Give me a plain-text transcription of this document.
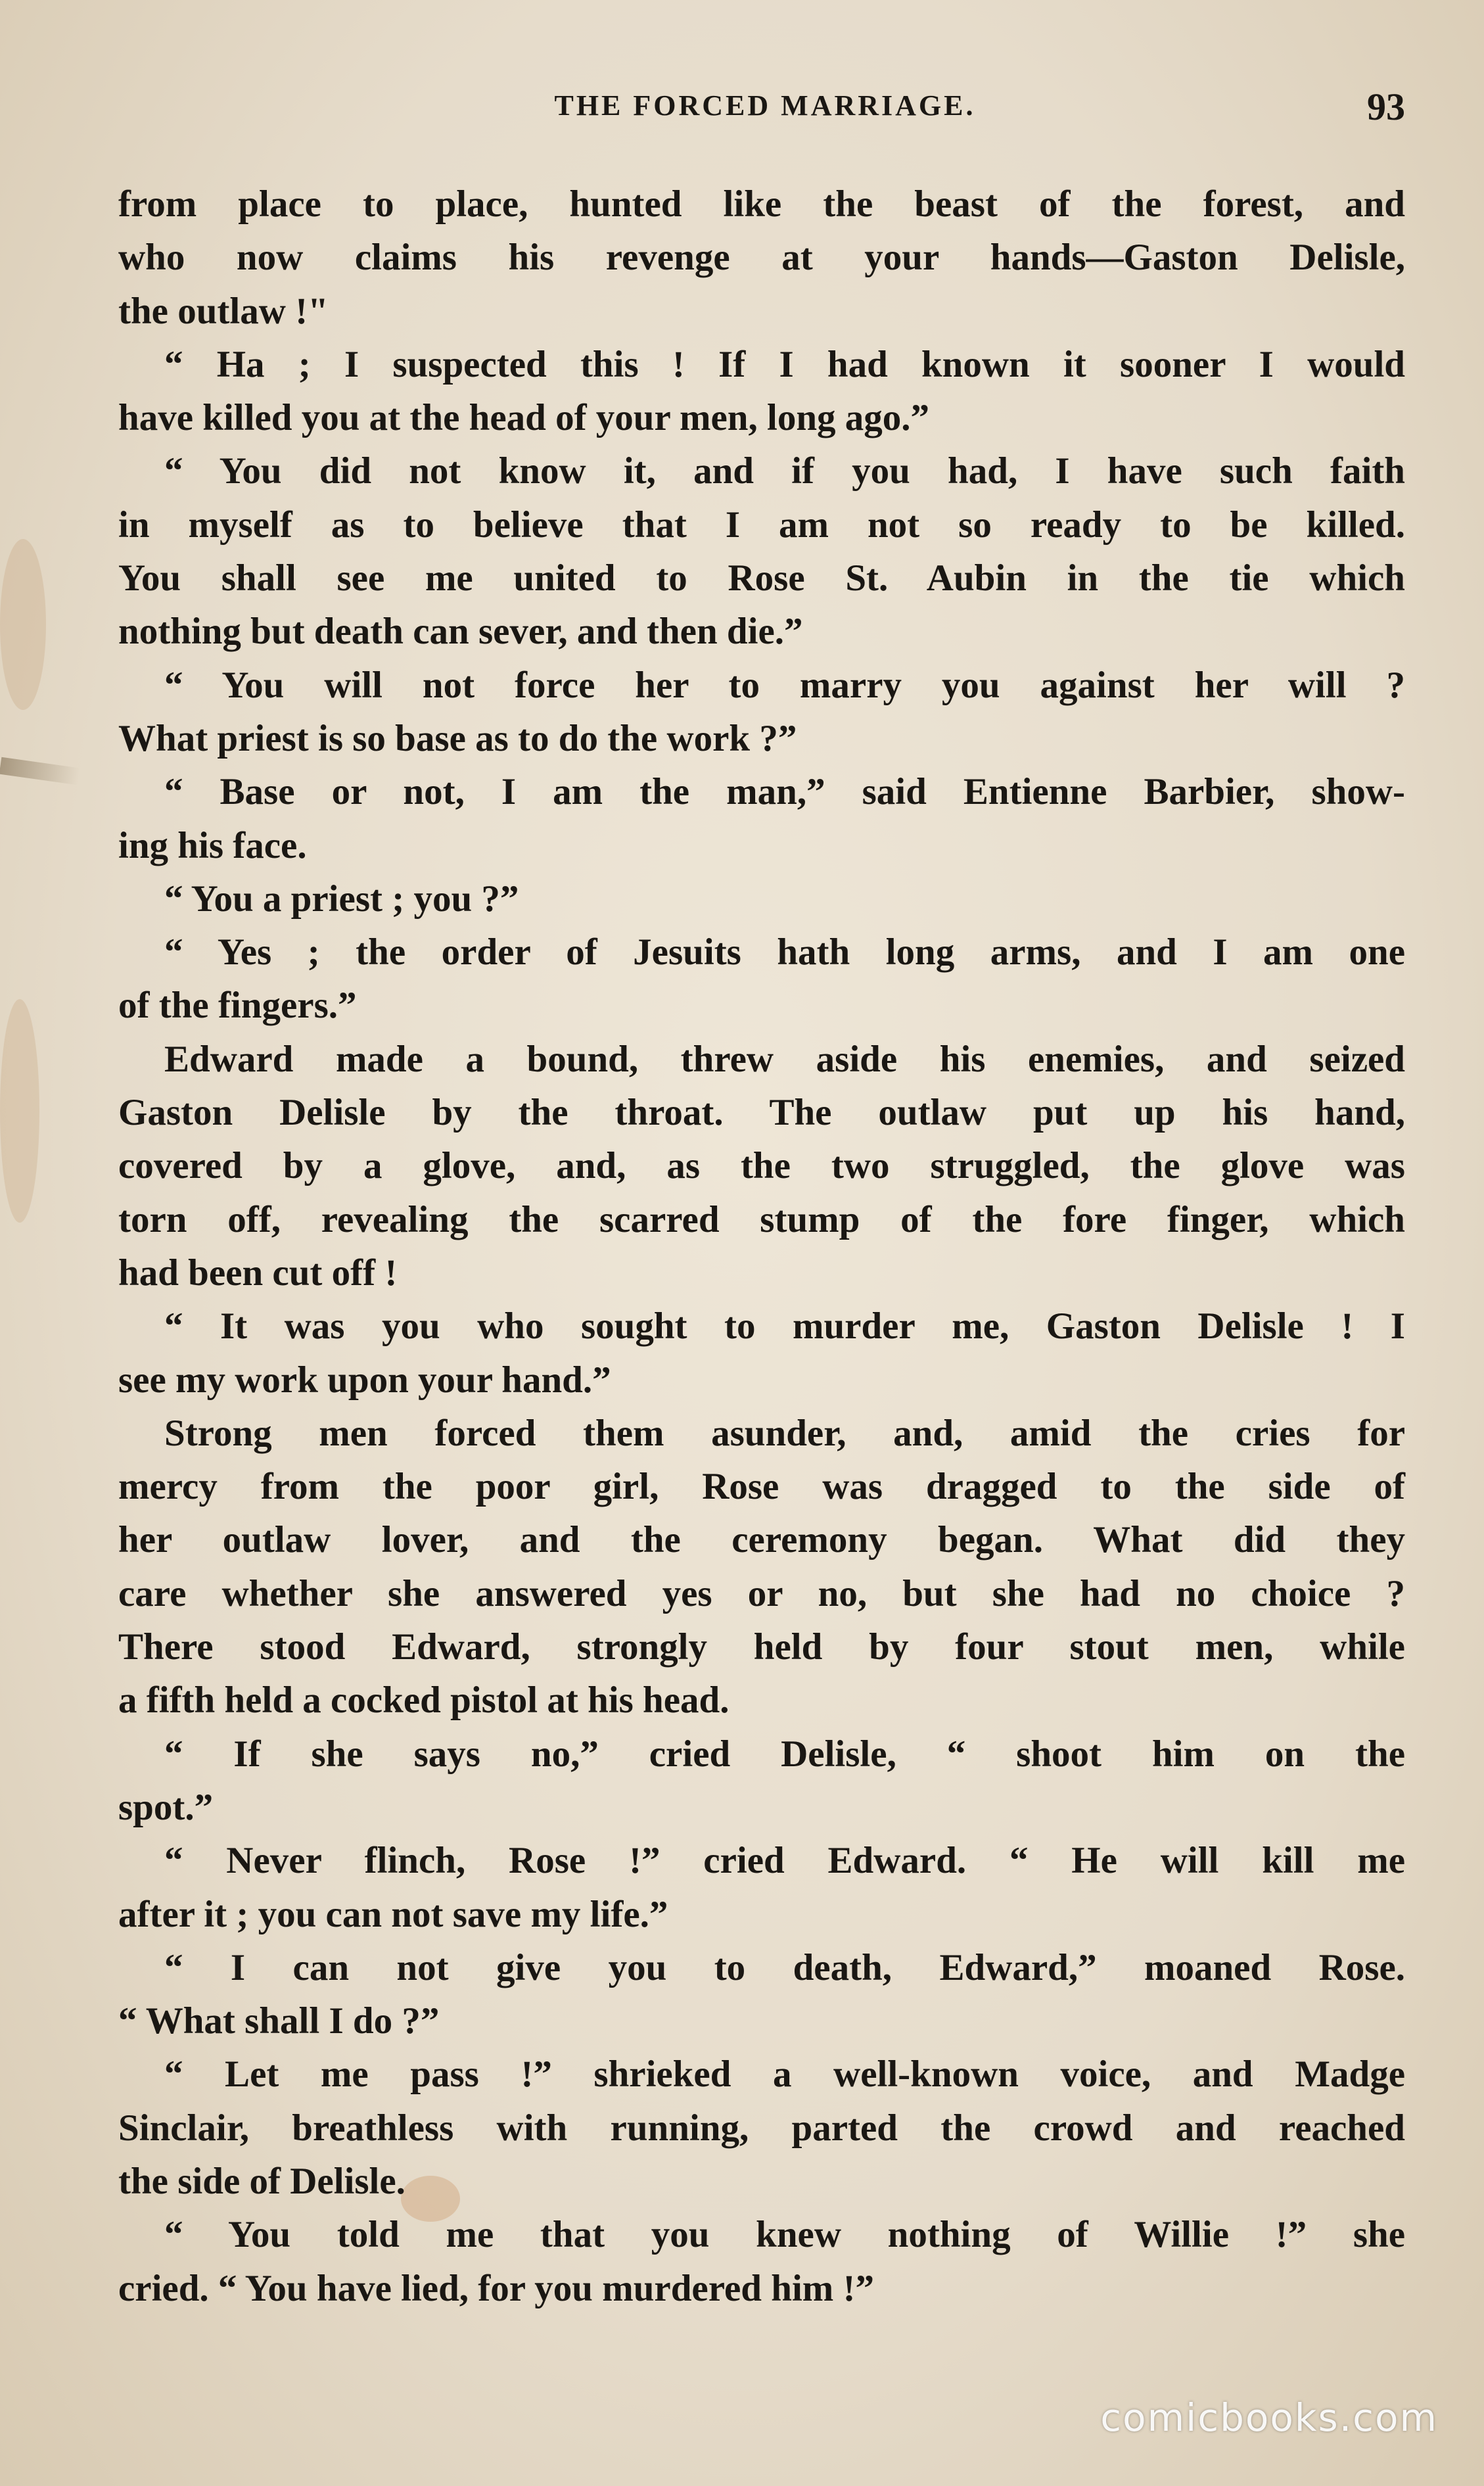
THE FORCED MARRIAGE.	93
from place to place, hunted like the beast of the forest, and
who now claims his revenge at your hands—Gaston Delisle,
the outlaw !"
“ Ha ; I suspected this ! If I had known it sooner I would
have killed you at the head of your men, long ago.”
“ You did not know it, and if you had, I have such faith
in myself as to believe that I am not so ready to be killed.
You shall see me united to Rose St. Aubin in the tie which
nothing but death can sever, and then die.”
“ You will not force her to marry you against her will ?
What priest is so base as to do the work ?”
“ Base or not, I am the man,” said Entienne Barbier, show-
ing his face.
“ You a priest ; you ?”
“ Yes ; the order of Jesuits hath long arms, and I am one
of the fingers.”
Edward made a bound, threw aside his enemies, and seized
Gaston Delisle by the throat. The outlaw put up his hand,
covered by a glove, and, as the two struggled, the glove was
torn off, revealing the scarred stump of the fore finger, which
had been cut off !
“ It was you who sought to murder me, Gaston Delisle ! I
see my work upon your hand.”
Strong men forced them asunder, and, amid the cries for
mercy from the poor girl, Rose was dragged to the side of
her outlaw lover, and the ceremony began. What did they
care whether she answered yes or no, but she had no choice ?
There stood Edward, strongly held by four stout men, while
a fifth held a cocked pistol at his head.
“ If she says no,” cried Delisle, “ shoot him on the
spot.”
“ Never flinch, Rose !” cried Edward. “ He will kill me
after it ; you can not save my life.”
“ I can not give you to death, Edward,” moaned Rose.
“ What shall I do ?”
“ Let me pass !” shrieked a well-known voice, and Madge
Sinclair, breathless with running, parted the crowd and reached
the side of Delisle.
“ You told me that you knew nothing of Willie !” she
cried. “ You have lied, for you murdered him !”
comicbooks.com
